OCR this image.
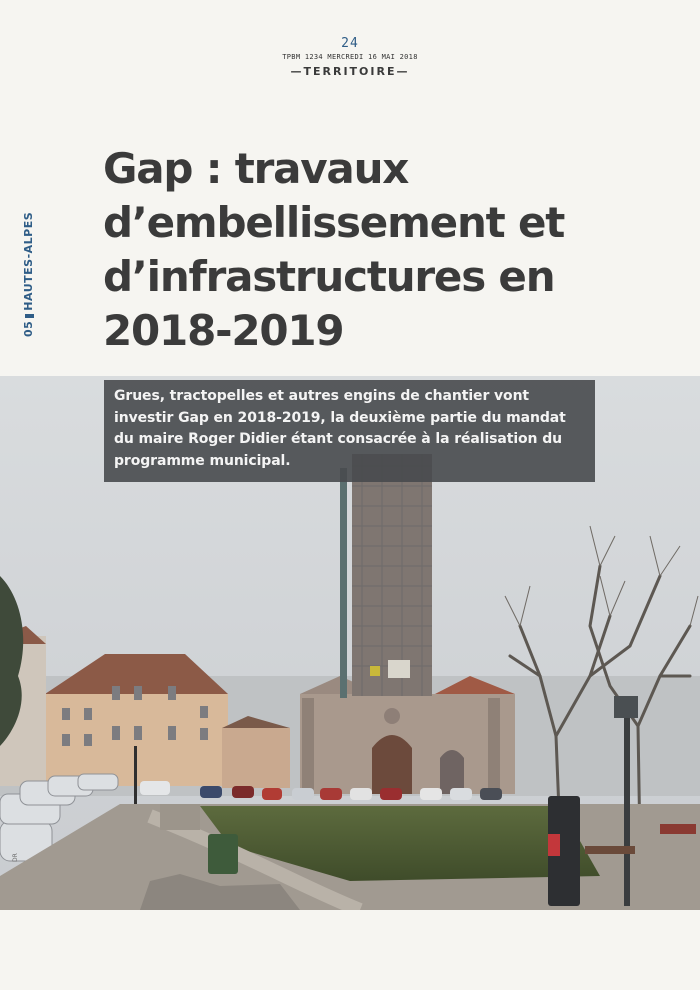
24
TPBM 1234 MERCREDI 16 MAI 2018
—TERRITOIRE—
05HAUTES-ALPES
Gap : travaux d’embellissement et d’infrastructures en 2018-2019
Grues, tractopelles et autres engins de chantier vont investir Gap en 2018-2019, la deuxième partie du mandat du maire Roger Didier étant consacrée à la réalisation du programme municipal.
DR
